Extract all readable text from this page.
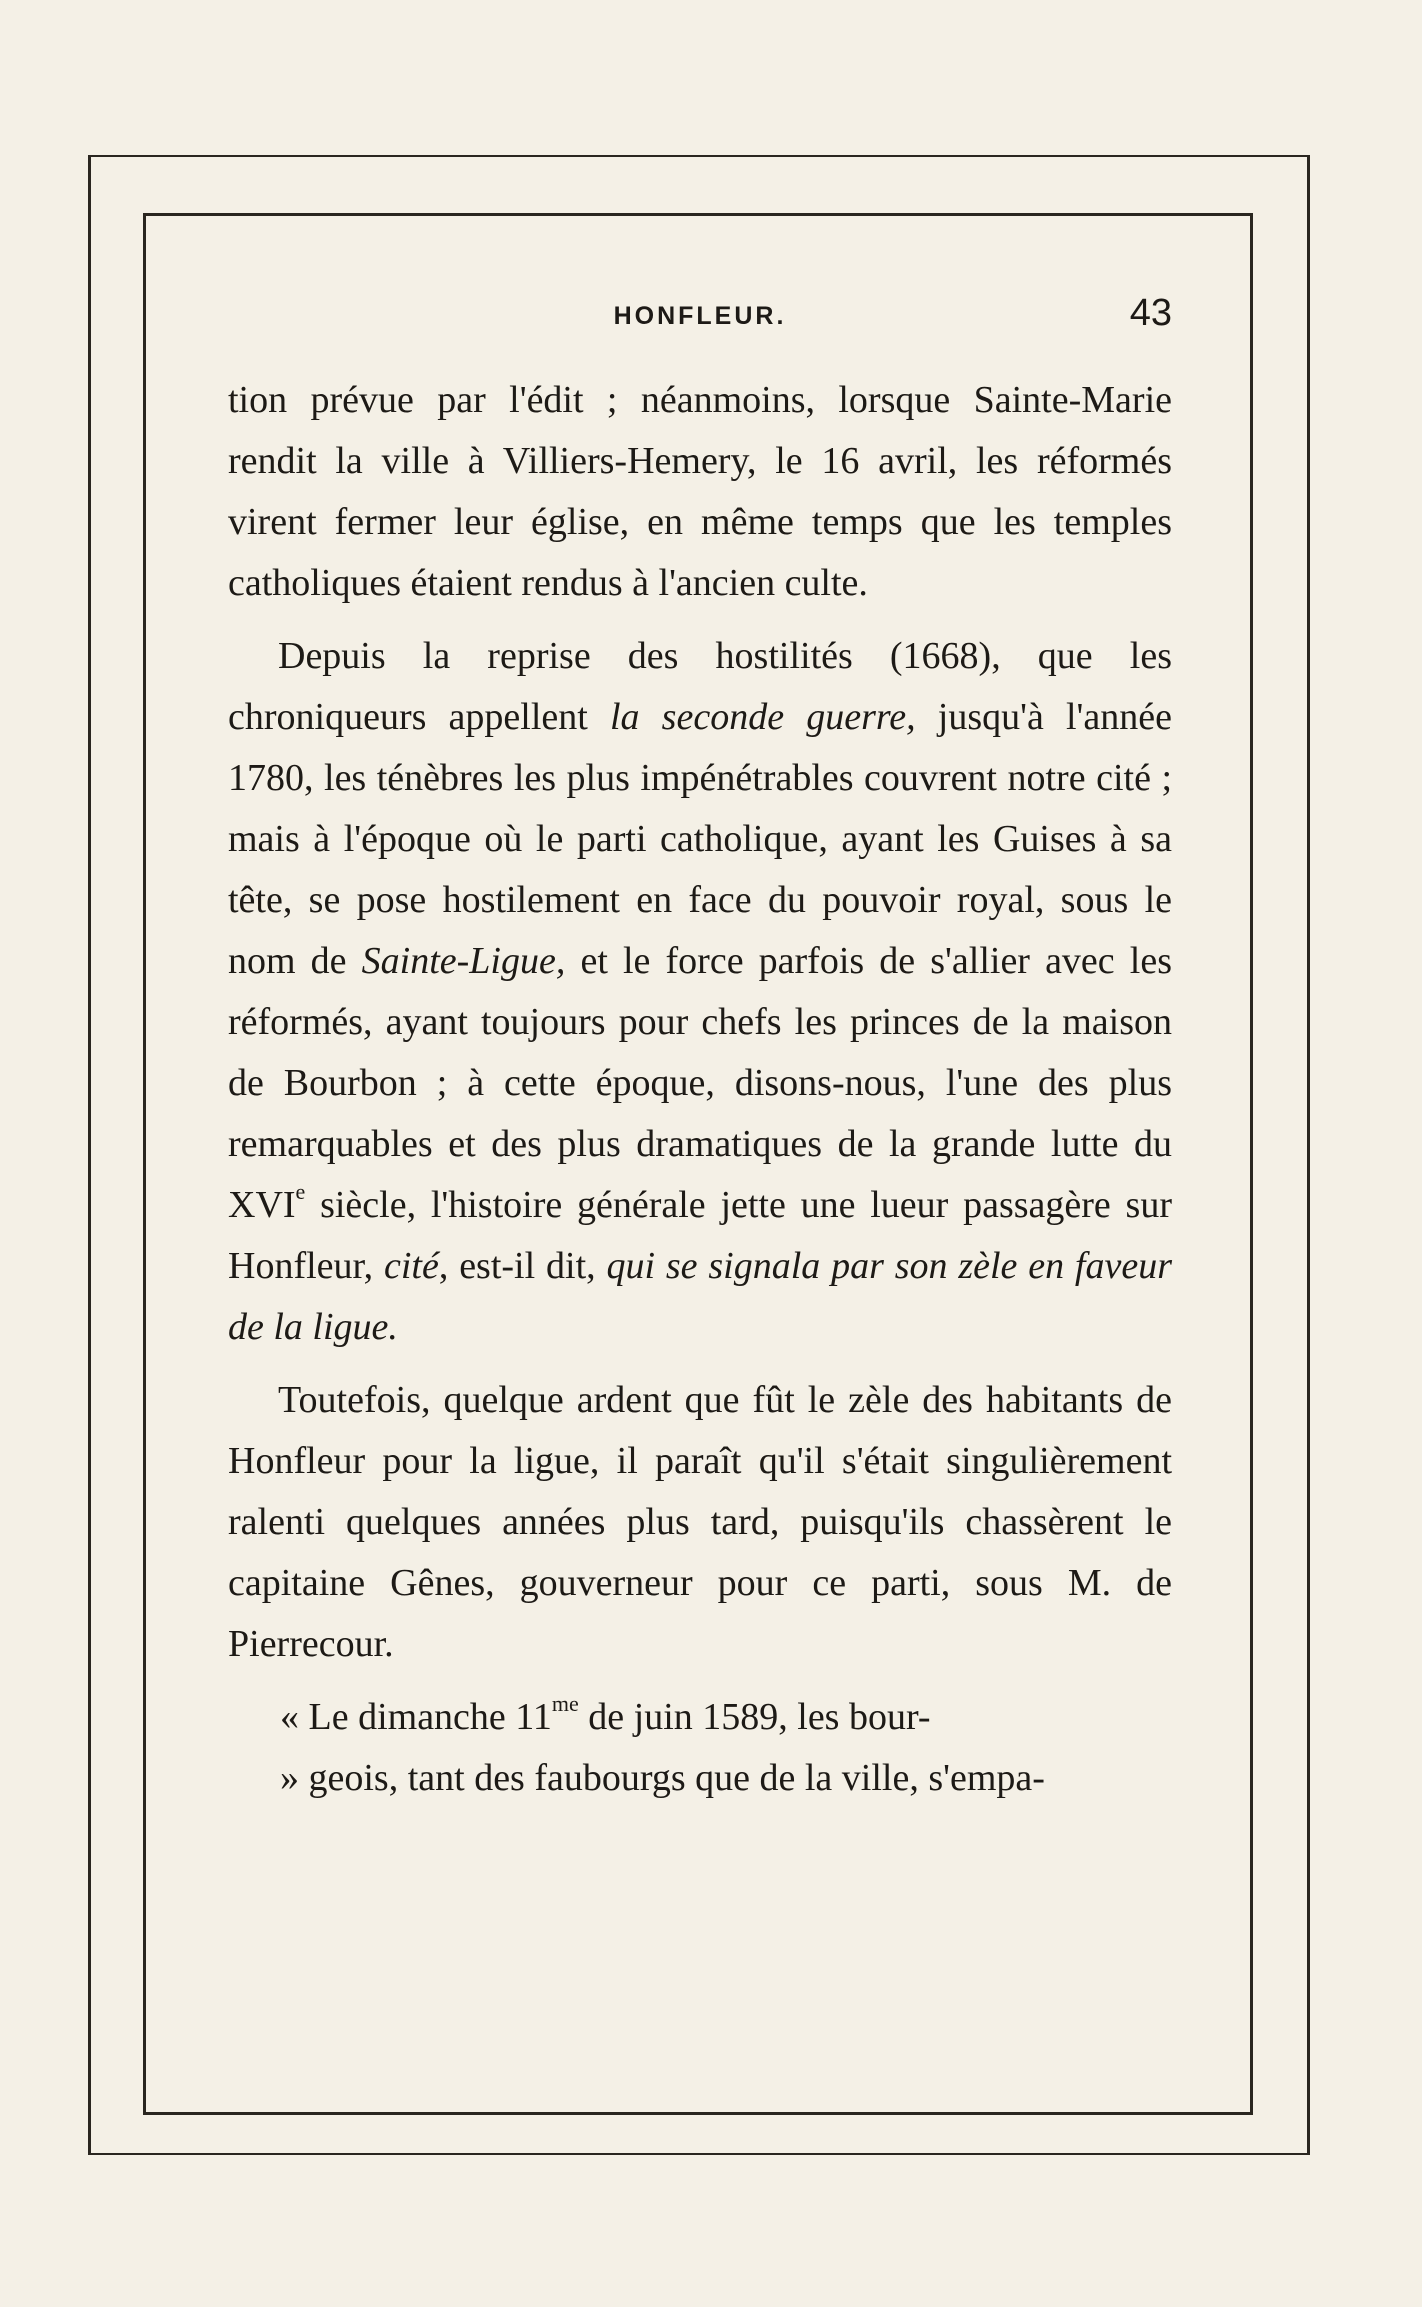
HONFLEUR.	43

tion prévue par l'édit ; néanmoins, lorsque Sainte-Marie rendit la ville à Villiers-Hemery, le 16 avril, les réformés virent fermer leur église, en même temps que les temples catholiques étaient rendus à l'ancien culte.

Depuis la reprise des hostilités (1668), que les chroniqueurs appellent la seconde guerre, jusqu'à l'année 1780, les ténèbres les plus impénétrables couvrent notre cité ; mais à l'époque où le parti catholique, ayant les Guises à sa tête, se pose hostilement en face du pouvoir royal, sous le nom de Sainte-Ligue, et le force parfois de s'allier avec les réformés, ayant toujours pour chefs les princes de la maison de Bourbon ; à cette époque, disons-nous, l'une des plus remarquables et des plus dramatiques de la grande lutte du XVIe siècle, l'histoire générale jette une lueur passagère sur Honfleur, cité, est-il dit, qui se signala par son zèle en faveur de la ligue.

Toutefois, quelque ardent que fût le zèle des habitants de Honfleur pour la ligue, il paraît qu'il s'était singulièrement ralenti quelques années plus tard, puisqu'ils chassèrent le capitaine Gênes, gouverneur pour ce parti, sous M. de Pierrecour.

« Le dimanche $11^{me}$ de juin 1589, les bour-
» geois, tant des faubourgs que de la ville, s'empa-
